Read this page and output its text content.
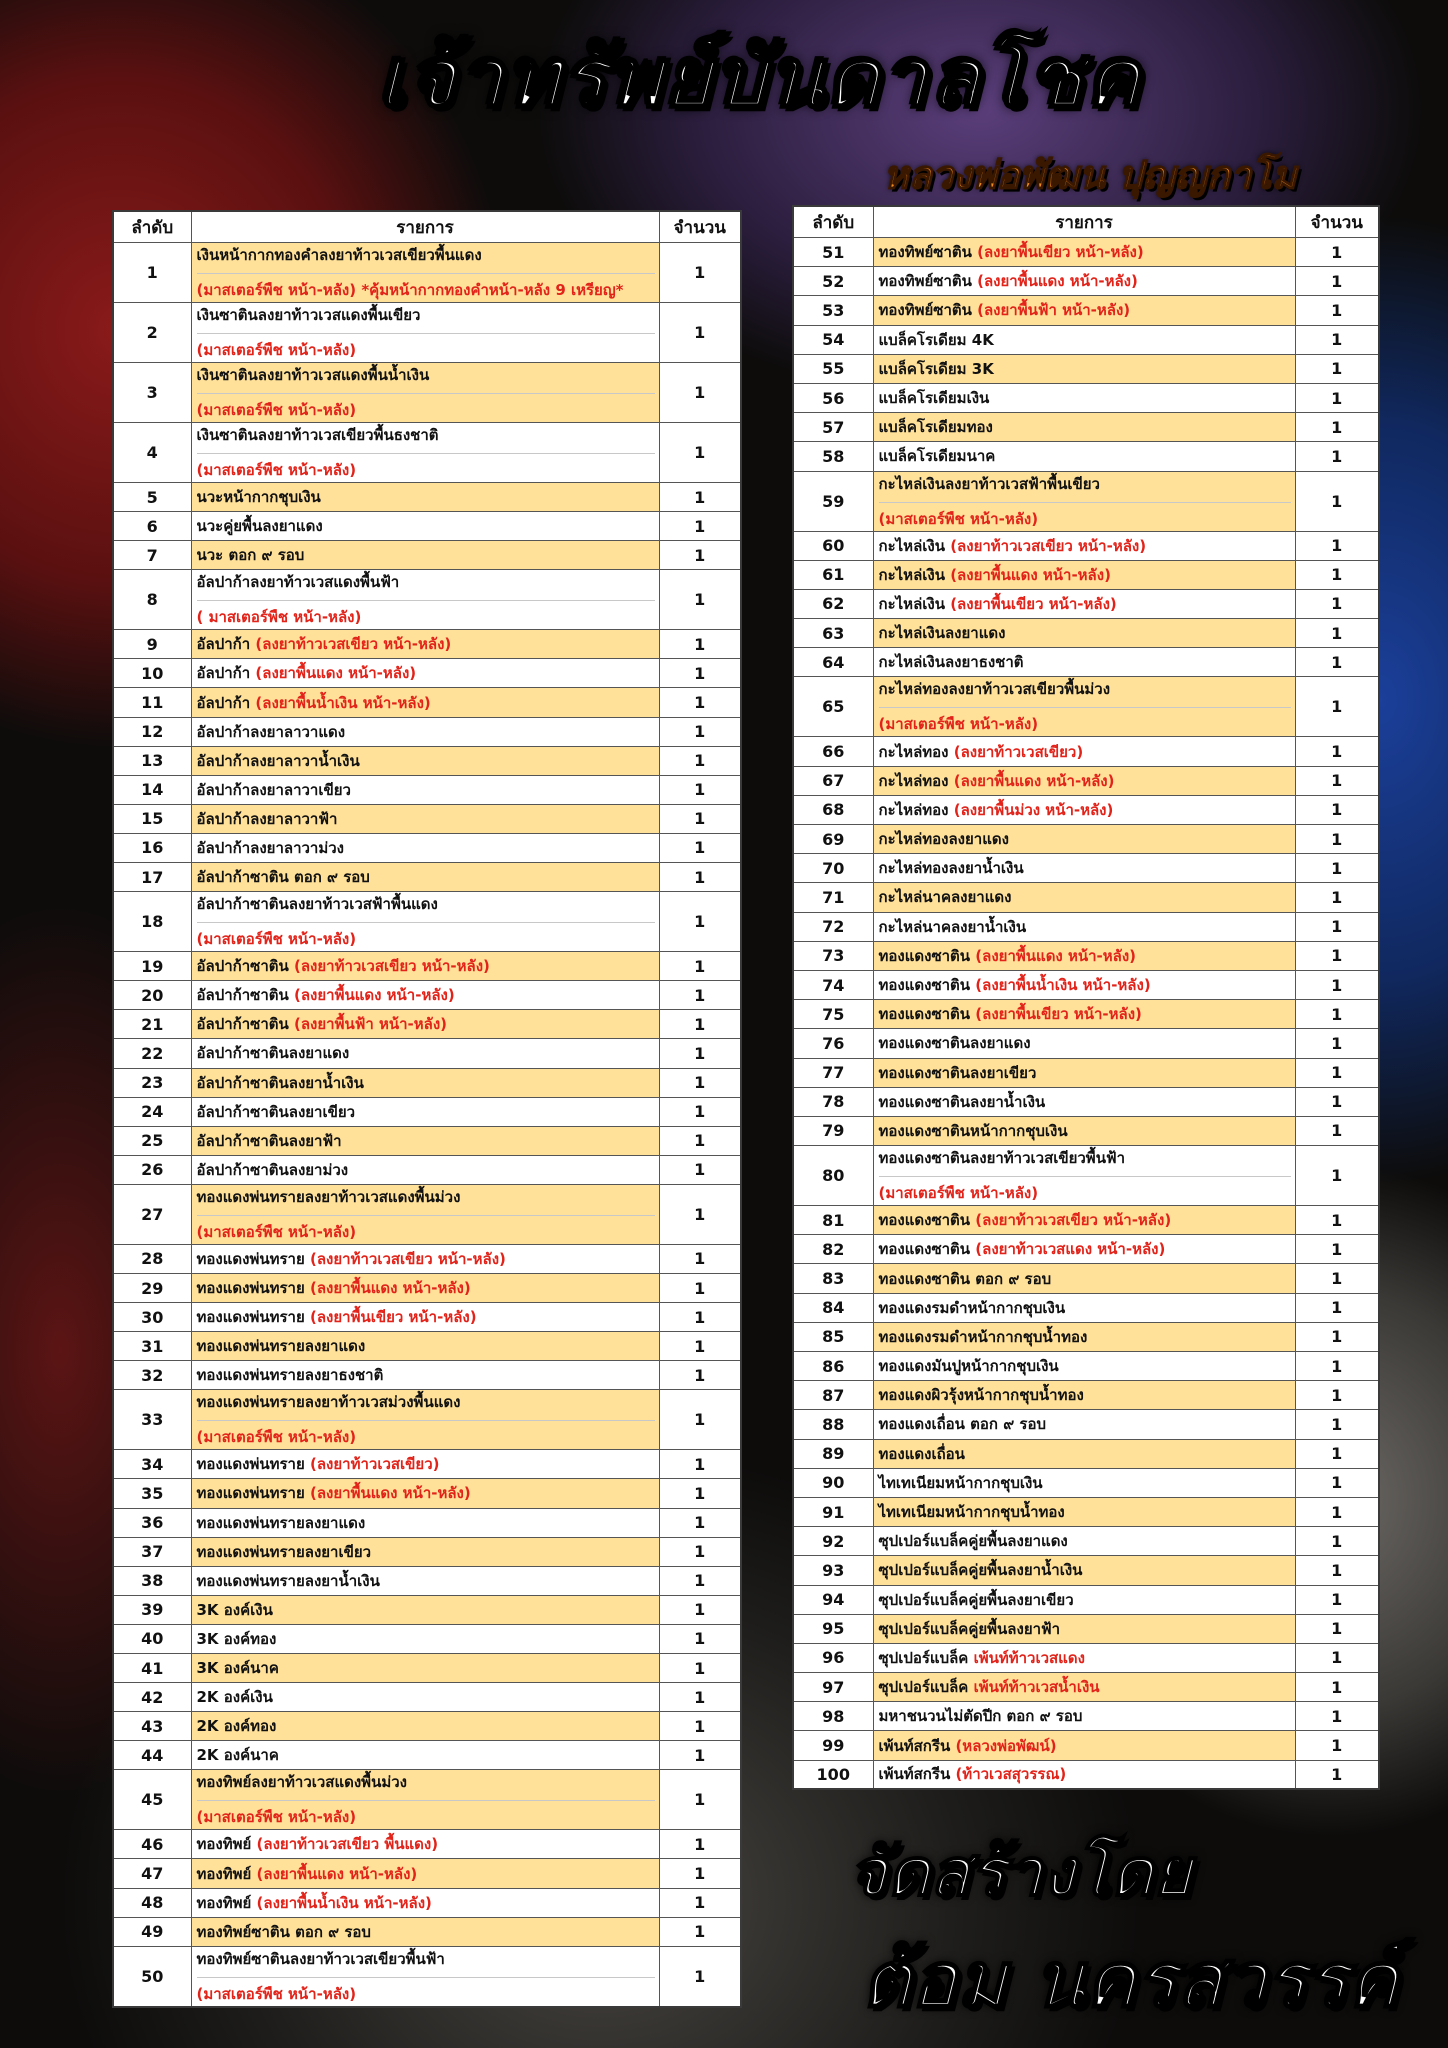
เจ้าทรัพย์บันดาลโชค
หลวงพ่อพัฒน ปุญญกาโม
ลำดับ	รายการ	จำนวน
1	เงินหน้ากากทองคำลงยาท้าวเวสเขียวพื้นแดง
(มาสเตอร์พืช หน้า-หลัง) *คุ้มหน้ากากทองคำหน้า-หลัง 9 เหรียญ*	1
2	เงินซาตินลงยาท้าวเวสแดงพื้นเขียว
(มาสเตอร์พืช หน้า-หลัง)	1
3	เงินซาตินลงยาท้าวเวสแดงพื้นน้ำเงิน
(มาสเตอร์พืช หน้า-หลัง)	1
4	เงินซาตินลงยาท้าวเวสเขียวพื้นธงชาติ
(มาสเตอร์พืช หน้า-หลัง)	1
5	นวะหน้ากากชุบเงิน	1
6	นวะคู่ยพื้นลงยาแดง	1
7	นวะ ตอก ๙ รอบ	1
8	อัลปาก้าลงยาท้าวเวสแดงพื้นฟ้า
( มาสเตอร์พืช หน้า-หลัง)	1
9	อัลปาก้า (ลงยาท้าวเวสเขียว หน้า-หลัง)	1
10	อัลปาก้า (ลงยาพื้นแดง หน้า-หลัง)	1
11	อัลปาก้า (ลงยาพื้นน้ำเงิน หน้า-หลัง)	1
12	อัลปาก้าลงยาลาวาแดง	1
13	อัลปาก้าลงยาลาวาน้ำเงิน	1
14	อัลปาก้าลงยาลาวาเขียว	1
15	อัลปาก้าลงยาลาวาฟ้า	1
16	อัลปาก้าลงยาลาวาม่วง	1
17	อัลปาก้าซาติน ตอก ๙ รอบ	1
18	อัลปาก้าซาตินลงยาท้าวเวสฟ้าพื้นแดง
(มาสเตอร์พืช หน้า-หลัง)	1
19	อัลปาก้าซาติน (ลงยาท้าวเวสเขียว หน้า-หลัง)	1
20	อัลปาก้าซาติน (ลงยาพื้นแดง หน้า-หลัง)	1
21	อัลปาก้าซาติน (ลงยาพื้นฟ้า หน้า-หลัง)	1
22	อัลปาก้าซาตินลงยาแดง	1
23	อัลปาก้าซาตินลงยาน้ำเงิน	1
24	อัลปาก้าซาตินลงยาเขียว	1
25	อัลปาก้าซาตินลงยาฟ้า	1
26	อัลปาก้าซาตินลงยาม่วง	1
27	ทองแดงพ่นทรายลงยาท้าวเวสแดงพื้นม่วง
(มาสเตอร์พืช หน้า-หลัง)	1
28	ทองแดงพ่นทราย (ลงยาท้าวเวสเขียว หน้า-หลัง)	1
29	ทองแดงพ่นทราย (ลงยาพื้นแดง หน้า-หลัง)	1
30	ทองแดงพ่นทราย (ลงยาพื้นเขียว หน้า-หลัง)	1
31	ทองแดงพ่นทรายลงยาแดง	1
32	ทองแดงพ่นทรายลงยาธงชาติ	1
33	ทองแดงพ่นทรายลงยาท้าวเวสม่วงพื้นแดง
(มาสเตอร์พืช หน้า-หลัง)	1
34	ทองแดงพ่นทราย (ลงยาท้าวเวสเขียว)	1
35	ทองแดงพ่นทราย (ลงยาพื้นแดง หน้า-หลัง)	1
36	ทองแดงพ่นทรายลงยาแดง	1
37	ทองแดงพ่นทรายลงยาเขียว	1
38	ทองแดงพ่นทรายลงยาน้ำเงิน	1
39	3K องค์เงิน	1
40	3K องค์ทอง	1
41	3K องค์นาค	1
42	2K องค์เงิน	1
43	2K องค์ทอง	1
44	2K องค์นาค	1
45	ทองทิพย์ลงยาท้าวเวสแดงพื้นม่วง
(มาสเตอร์พืช หน้า-หลัง)	1
46	ทองทิพย์ (ลงยาท้าวเวสเขียว พื้นแดง)	1
47	ทองทิพย์ (ลงยาพื้นแดง หน้า-หลัง)	1
48	ทองทิพย์ (ลงยาพื้นน้ำเงิน หน้า-หลัง)	1
49	ทองทิพย์ซาติน ตอก ๙ รอบ	1
50	ทองทิพย์ซาตินลงยาท้าวเวสเขียวพื้นฟ้า
(มาสเตอร์พืช หน้า-หลัง)	1
ลำดับ	รายการ	จำนวน
51	ทองทิพย์ซาติน (ลงยาพื้นเขียว หน้า-หลัง)	1
52	ทองทิพย์ซาติน (ลงยาพื้นแดง หน้า-หลัง)	1
53	ทองทิพย์ซาติน (ลงยาพื้นฟ้า หน้า-หลัง)	1
54	แบล็คโรเดียม 4K	1
55	แบล็คโรเดียม 3K	1
56	แบล็คโรเดียมเงิน	1
57	แบล็คโรเดียมทอง	1
58	แบล็คโรเดียมนาค	1
59	กะไหล่เงินลงยาท้าวเวสฟ้าพื้นเขียว
(มาสเตอร์พืช หน้า-หลัง)	1
60	กะไหล่เงิน (ลงยาท้าวเวสเขียว หน้า-หลัง)	1
61	กะไหล่เงิน (ลงยาพื้นแดง หน้า-หลัง)	1
62	กะไหล่เงิน (ลงยาพื้นเขียว หน้า-หลัง)	1
63	กะไหล่เงินลงยาแดง	1
64	กะไหล่เงินลงยาธงชาติ	1
65	กะไหล่ทองลงยาท้าวเวสเขียวพื้นม่วง
(มาสเตอร์พืช หน้า-หลัง)	1
66	กะไหล่ทอง (ลงยาท้าวเวสเขียว)	1
67	กะไหล่ทอง (ลงยาพื้นแดง หน้า-หลัง)	1
68	กะไหล่ทอง (ลงยาพื้นม่วง หน้า-หลัง)	1
69	กะไหล่ทองลงยาแดง	1
70	กะไหล่ทองลงยาน้ำเงิน	1
71	กะไหล่นาคลงยาแดง	1
72	กะไหล่นาคลงยาน้ำเงิน	1
73	ทองแดงซาติน (ลงยาพื้นแดง หน้า-หลัง)	1
74	ทองแดงซาติน (ลงยาพื้นน้ำเงิน หน้า-หลัง)	1
75	ทองแดงซาติน (ลงยาพื้นเขียว หน้า-หลัง)	1
76	ทองแดงซาตินลงยาแดง	1
77	ทองแดงซาตินลงยาเขียว	1
78	ทองแดงซาตินลงยาน้ำเงิน	1
79	ทองแดงซาตินหน้ากากชุบเงิน	1
80	ทองแดงซาตินลงยาท้าวเวสเขียวพื้นฟ้า
(มาสเตอร์พืช หน้า-หลัง)	1
81	ทองแดงซาติน (ลงยาท้าวเวสเขียว หน้า-หลัง)	1
82	ทองแดงซาติน (ลงยาท้าวเวสแดง หน้า-หลัง)	1
83	ทองแดงซาติน ตอก ๙ รอบ	1
84	ทองแดงรมดำหน้ากากชุบเงิน	1
85	ทองแดงรมดำหน้ากากชุบน้ำทอง	1
86	ทองแดงมันปูหน้ากากชุบเงิน	1
87	ทองแดงผิวรุ้งหน้ากากชุบน้ำทอง	1
88	ทองแดงเถื่อน ตอก ๙ รอบ	1
89	ทองแดงเถื่อน	1
90	ไทเทเนียมหน้ากากชุบเงิน	1
91	ไทเทเนียมหน้ากากชุบน้ำทอง	1
92	ซุปเปอร์แบล็คคู่ยพื้นลงยาแดง	1
93	ซุปเปอร์แบล็คคู่ยพื้นลงยาน้ำเงิน	1
94	ซุปเปอร์แบล็คคู่ยพื้นลงยาเขียว	1
95	ซุปเปอร์แบล็คคู่ยพื้นลงยาฟ้า	1
96	ซุปเปอร์แบล็ค เพ้นท์ท้าวเวสแดง	1
97	ซุปเปอร์แบล็ค เพ้นท์ท้าวเวสน้ำเงิน	1
98	มหาชนวนไม่ตัดปีก ตอก ๙ รอบ	1
99	เพ้นท์สกรีน (หลวงพ่อพัฒน์)	1
100	เพ้นท์สกรีน (ท้าวเวสสุวรรณ)	1
จัดสร้างโดย
ต้อม นครสวรรค์
